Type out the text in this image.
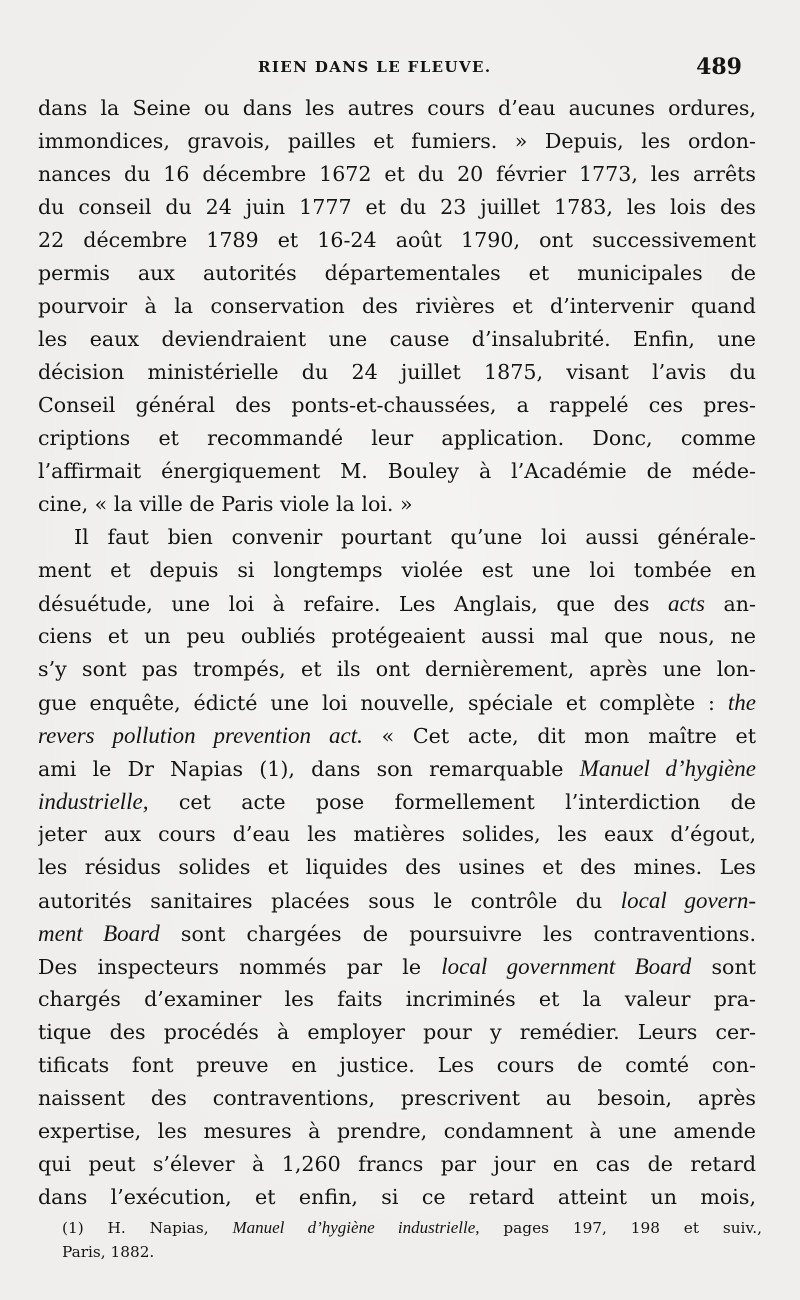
RIEN DANS LE FLEUVE.	489
dans la Seine ou dans les autres cours d’eau aucunes ordures,
immondices, gravois, pailles et fumiers. » Depuis, les ordon-
nances du 16 décembre 1672 et du 20 février 1773, les arrêts
du conseil du 24 juin 1777 et du 23 juillet 1783, les lois des
22 décembre 1789 et 16-24 août 1790, ont successivement
permis aux autorités départementales et municipales de
pourvoir à la conservation des rivières et d’intervenir quand
les eaux deviendraient une cause d’insalubrité. Enfin, une
décision ministérielle du 24 juillet 1875, visant l’avis du
Conseil général des ponts-et-chaussées, a rappelé ces pres-
criptions et recommandé leur application. Donc, comme
l’affirmait énergiquement M. Bouley à l’Académie de méde-
cine, « la ville de Paris viole la loi. »
Il faut bien convenir pourtant qu’une loi aussi générale-
ment et depuis si longtemps violée est une loi tombée en
désuétude, une loi à refaire. Les Anglais, que des acts an-
ciens et un peu oubliés protégeaient aussi mal que nous, ne
s’y sont pas trompés, et ils ont dernièrement, après une lon-
gue enquête, édicté une loi nouvelle, spéciale et complète : the
revers pollution prevention act. « Cet acte, dit mon maître et
ami le Dr Napias (1), dans son remarquable Manuel d’hygiène
industrielle, cet acte pose formellement l’interdiction de
jeter aux cours d’eau les matières solides, les eaux d’égout,
les résidus solides et liquides des usines et des mines. Les
autorités sanitaires placées sous le contrôle du local govern-
ment Board sont chargées de poursuivre les contraventions.
Des inspecteurs nommés par le local government Board sont
chargés d’examiner les faits incriminés et la valeur pra-
tique des procédés à employer pour y remédier. Leurs cer-
tificats font preuve en justice. Les cours de comté con-
naissent des contraventions, prescrivent au besoin, après
expertise, les mesures à prendre, condamnent à une amende
qui peut s’élever à 1,260 francs par jour en cas de retard
dans l’exécution, et enfin, si ce retard atteint un mois,
(1) H. Napias, Manuel d’hygiène industrielle, pages 197, 198 et suiv.,
Paris, 1882.
